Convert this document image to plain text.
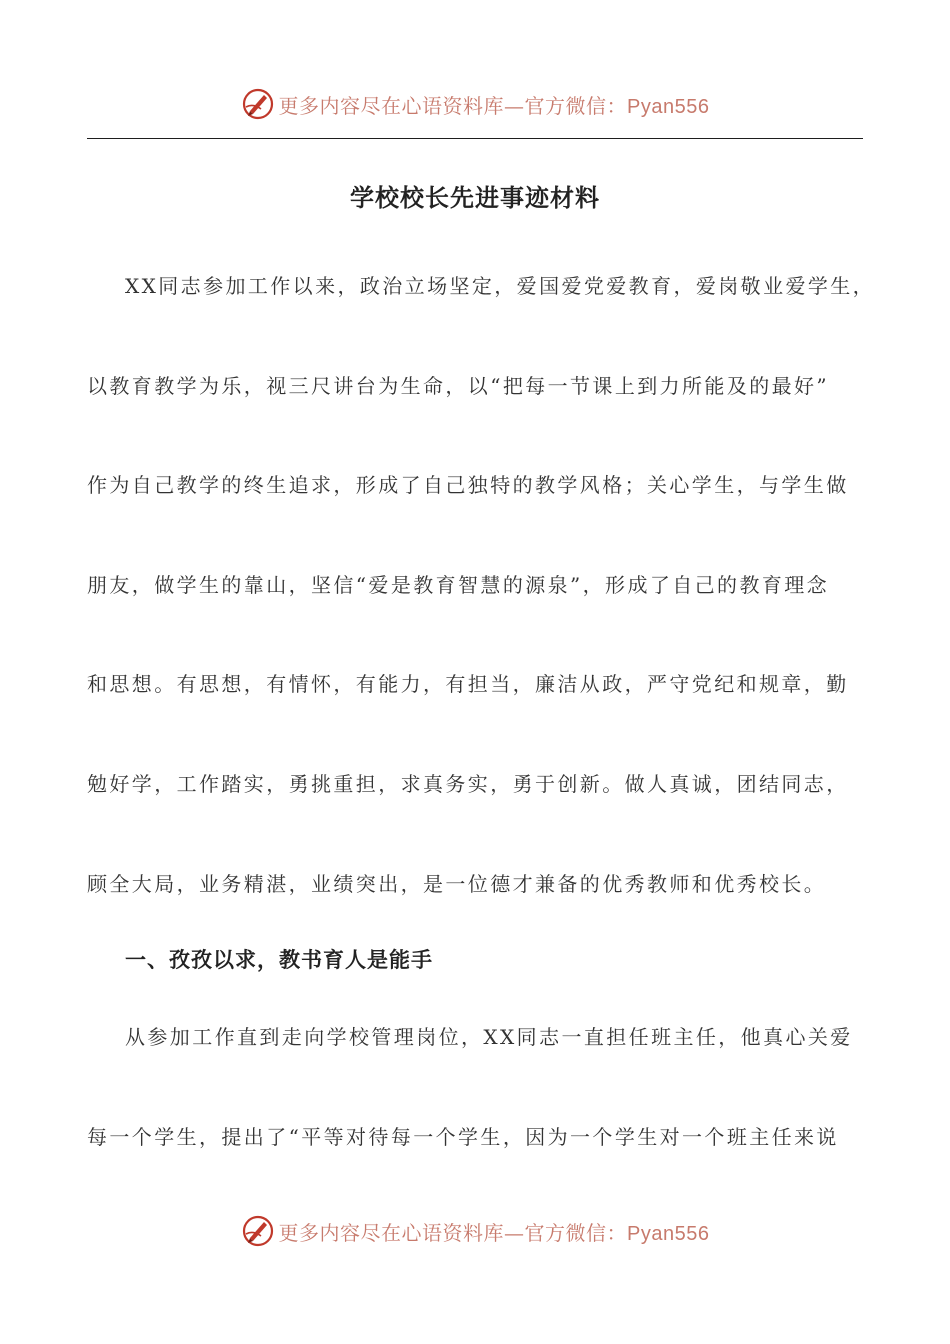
更多内容尽在心语资料库—官方微信：Pyan556
学校校长先进事迹材料
XX同志参加工作以来，政治立场坚定，爱国爱党爱教育，爱岗敬业爱学生，
以教育教学为乐，视三尺讲台为生命，以“把每一节课上到力所能及的最好”
作为自己教学的终生追求，形成了自己独特的教学风格；关心学生，与学生做
朋友，做学生的靠山，坚信“爱是教育智慧的源泉”，形成了自己的教育理念
和思想。有思想，有情怀，有能力，有担当，廉洁从政，严守党纪和规章，勤
勉好学，工作踏实，勇挑重担，求真务实，勇于创新。做人真诚，团结同志，
顾全大局，业务精湛，业绩突出，是一位德才兼备的优秀教师和优秀校长。
一、孜孜以求，教书育人是能手
从参加工作直到走向学校管理岗位，XX同志一直担任班主任，他真心关爱
每一个学生，提出了“平等对待每一个学生，因为一个学生对一个班主任来说
更多内容尽在心语资料库—官方微信：Pyan556
